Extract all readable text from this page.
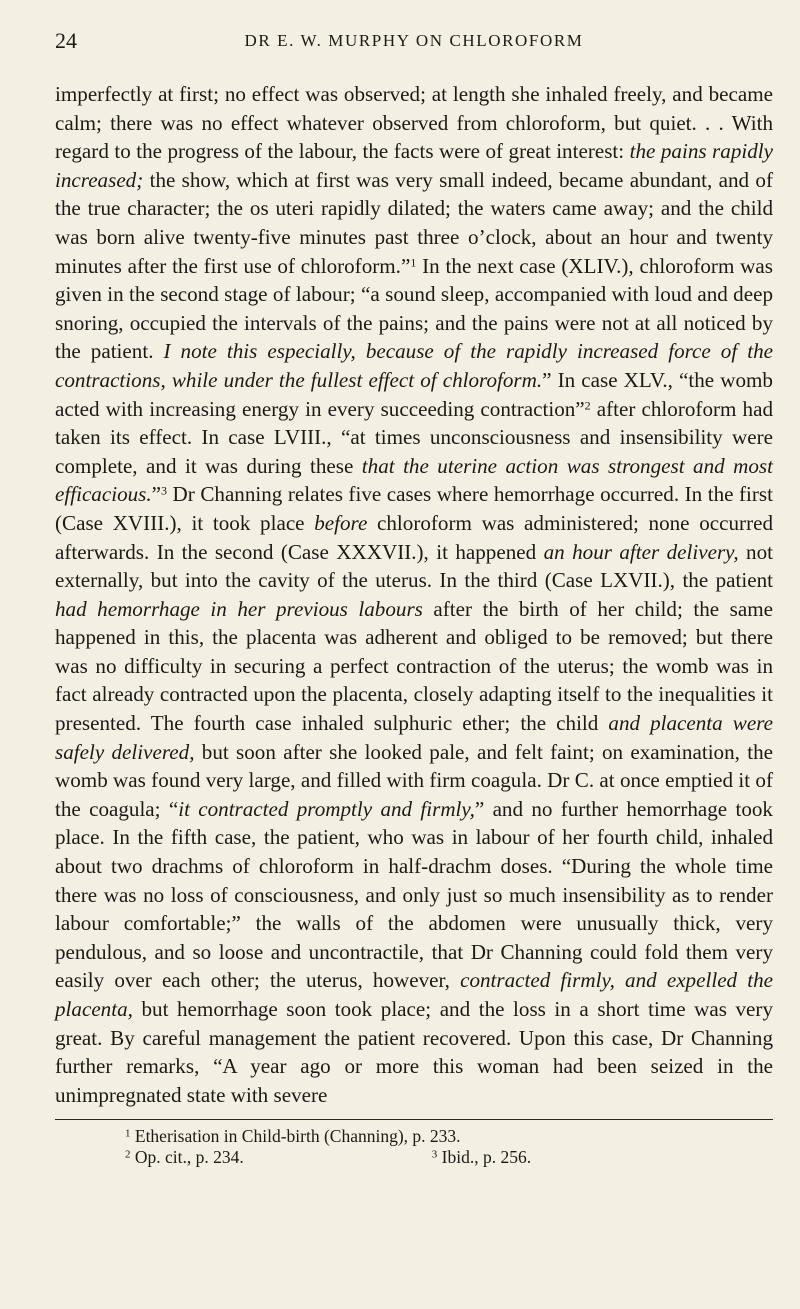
24	DR E. W. MURPHY ON CHLOROFORM
imperfectly at first; no effect was observed; at length she inhaled freely, and became calm; there was no effect whatever observed from chloroform, but quiet. . . With regard to the progress of the labour, the facts were of great interest: the pains rapidly increased; the show, which at first was very small indeed, became abundant, and of the true character; the os uteri rapidly dilated; the waters came away; and the child was born alive twenty-five minutes past three o’clock, about an hour and twenty minutes after the first use of chloroform.”$^1$ In the next case (XLIV.), chloroform was given in the second stage of labour; “a sound sleep, accompanied with loud and deep snoring, occupied the intervals of the pains; and the pains were not at all noticed by the patient. I note this especially, because of the rapidly increased force of the contractions, while under the fullest effect of chloroform.” In case XLV., “the womb acted with increasing energy in every succeeding contraction”$^2$ after chloroform had taken its effect. In case LVIII., “at times unconsciousness and insensibility were complete, and it was during these that the uterine action was strongest and most efficacious.”$^3$ Dr Channing relates five cases where hemorrhage occurred. In the first (Case XVIII.), it took place before chloroform was administered; none occurred afterwards. In the second (Case XXXVII.), it happened an hour after delivery, not externally, but into the cavity of the uterus. In the third (Case LXVII.), the patient had hemorrhage in her previous labours after the birth of her child; the same happened in this, the placenta was adherent and obliged to be removed; but there was no difficulty in securing a perfect contraction of the uterus; the womb was in fact already contracted upon the placenta, closely adapting itself to the inequalities it presented. The fourth case inhaled sulphuric ether; the child and placenta were safely delivered, but soon after she looked pale, and felt faint; on examination, the womb was found very large, and filled with firm coagula. Dr C. at once emptied it of the coagula; “it contracted promptly and firmly,” and no further hemorrhage took place. In the fifth case, the patient, who was in labour of her fourth child, inhaled about two drachms of chloroform in half-drachm doses. “During the whole time there was no loss of consciousness, and only just so much insensibility as to render labour comfortable;” the walls of the abdomen were unusually thick, very pendulous, and so loose and uncontractile, that Dr Channing could fold them very easily over each other; the uterus, however, contracted firmly, and expelled the placenta, but hemorrhage soon took place; and the loss in a short time was very great. By careful management the patient recovered. Upon this case, Dr Channing further remarks, “A year ago or more this woman had been seized in the unimpregnated state with severe
$^1$ Etherisation in Child-birth (Channing), p. 233.
$^2$ Op. cit., p. 234.	$^3$ Ibid., p. 256.
